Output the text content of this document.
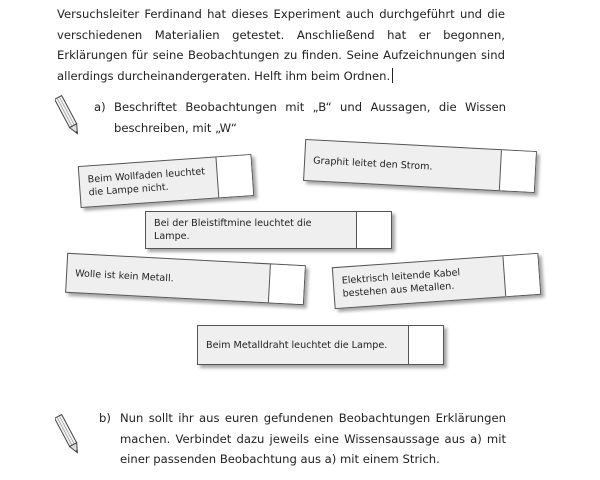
Versuchsleiter Ferdinand hat dieses Experiment auch durchgeführt und die verschiedenen Materialien getestet. Anschließend hat er begonnen, Erklärungen für seine Beobachtungen zu finden. Seine Aufzeichnungen sind allerdings durcheinandergeraten. Helft ihm beim Ordnen.
a) Beschriftet Beobachtungen mit „B“ und Aussagen, die Wissen beschreiben, mit „W“
Beim Wollfaden leuchtet die Lampe nicht.
Graphit leitet den Strom.
Bei der Bleistiftmine leuchtet die Lampe.
Wolle ist kein Metall.	Elektrisch leitende Kabel bestehen aus Metallen.
Beim Metalldraht leuchtet die Lampe.
b) Nun sollt ihr aus euren gefundenen Beobachtungen Erklärungen machen. Verbindet dazu jeweils eine Wissensaussage aus a) mit einer passenden Beobachtung aus a) mit einem Strich.
